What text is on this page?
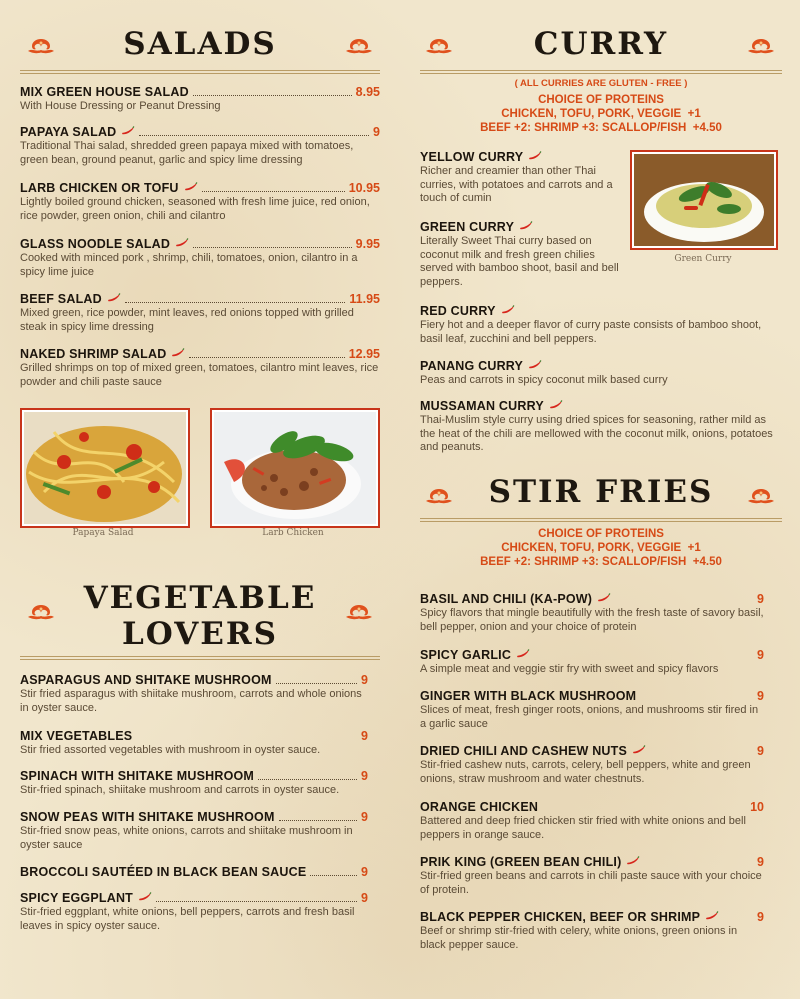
SALADS
MIX GREEN HOUSE SALAD	8.95
With House Dressing or Peanut Dressing
PAPAYA SALAD	9
Traditional Thai salad, shredded green papaya mixed with tomatoes, green bean, ground peanut, garlic and spicy lime dressing
LARB CHICKEN OR TOFU	10.95
Lightly boiled ground chicken, seasoned with fresh lime juice, red onion, rice powder, green onion, chili and cilantro
GLASS NOODLE SALAD	9.95
Cooked with minced pork , shrimp, chili, tomatoes, onion, cilantro in a spicy lime juice
BEEF SALAD	11.95
Mixed green, rice powder, mint leaves, red onions topped with grilled steak in spicy lime dressing
NAKED SHRIMP SALAD	12.95
Grilled shrimps on top of mixed green, tomatoes, cilantro mint leaves, rice powder and chili paste sauce
Papaya Salad	Larb Chicken
VEGETABLE
LOVERS
ASPARAGUS AND SHITAKE MUSHROOM	9
Stir fried asparagus with shiitake mushroom, carrots and whole onions in oyster sauce.
MIX VEGETABLES	9
Stir fried assorted vegetables with mushroom in oyster sauce.
SPINACH WITH SHITAKE MUSHROOM	9
Stir-fried spinach, shiitake mushroom and carrots in oyster sauce.
SNOW PEAS WITH SHITAKE MUSHROOM	9
Stir-fried snow peas, white onions, carrots and shiitake mushroom in oyster sauce
BROCCOLI SAUTÉED IN BLACK BEAN SAUCE	9
SPICY EGGPLANT	9
Stir-fried eggplant, white onions, bell peppers, carrots and fresh basil leaves in spicy oyster sauce.
CURRY
( ALL CURRIES ARE GLUTEN - FREE )
CHOICE OF PROTEINS
CHICKEN, TOFU, PORK, VEGGIE +1
BEEF +2: SHRIMP +3: SCALLOP/FISH +4.50
YELLOW CURRY
Richer and creamier than other Thai curries, with potatoes and carrots and a touch of cumin
GREEN CURRY
Literally Sweet Thai curry based on coconut milk and fresh green chilies served with bamboo shoot, basil and bell peppers.
Green Curry
RED CURRY
Fiery hot and a deeper flavor of curry paste consists of bamboo shoot, basil leaf, zucchini and bell peppers.
PANANG CURRY
Peas and carrots in spicy coconut milk based curry
MUSSAMAN CURRY
Thai-Muslim style curry using dried spices for seasoning, rather mild as the heat of the chili are mellowed with the coconut milk, onions, potatoes and peanuts.
STIR FRIES
CHOICE OF PROTEINS
CHICKEN, TOFU, PORK, VEGGIE +1
BEEF +2: SHRIMP +3: SCALLOP/FISH +4.50
BASIL AND CHILI (KA-POW)	9
Spicy flavors that mingle beautifully with the fresh taste of savory basil, bell pepper, onion and your choice of protein
SPICY GARLIC	9
A simple meat and veggie stir fry with sweet and spicy flavors
GINGER WITH BLACK MUSHROOM	9
Slices of meat, fresh ginger roots, onions, and mushrooms stir fired in a garlic sauce
DRIED CHILI AND CASHEW NUTS	9
Stir-fried cashew nuts, carrots, celery, bell peppers, white and green onions, straw mushroom and water chestnuts.
ORANGE CHICKEN	10
Battered and deep fried chicken stir fried with white onions and bell peppers in orange sauce.
PRIK KING (GREEN BEAN CHILI)	9
Stir-fried green beans and carrots in chili paste sauce with your choice of protein.
BLACK PEPPER CHICKEN, BEEF OR SHRIMP	9
Beef or shrimp stir-fried with celery, white onions, green onions in black pepper sauce.
